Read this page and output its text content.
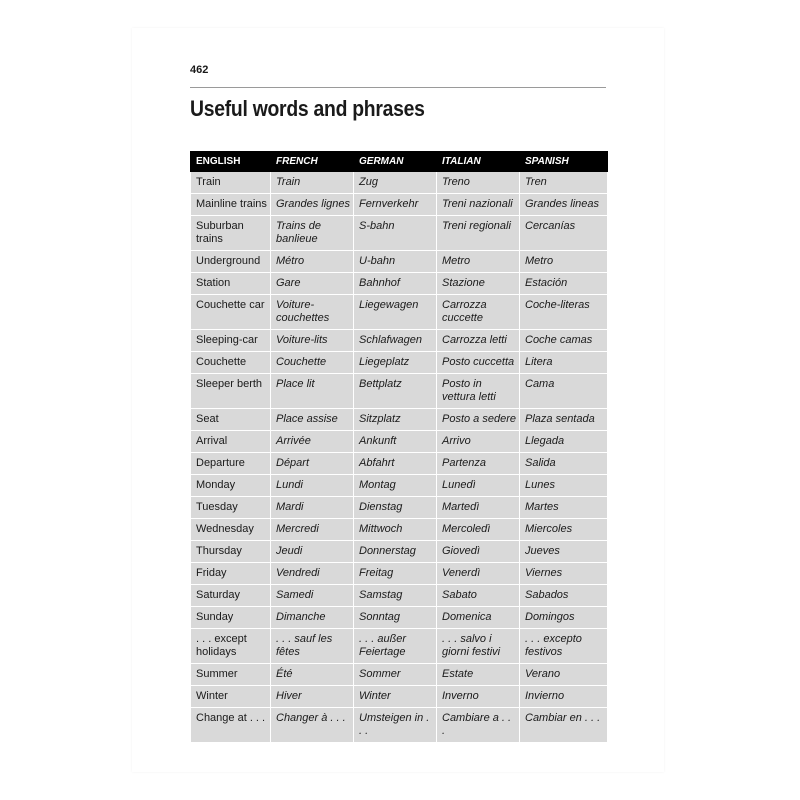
462
Useful words and phrases
ENGLISH	FRENCH	GERMAN	ITALIAN	SPANISH
Train	Train	Zug	Treno	Tren
Mainline trains	Grandes lignes	Fernverkehr	Treni nazionali	Grandes lineas
Suburban trains	Trains de banlieue	S-bahn	Treni regionali	Cercanías
Underground	Métro	U-bahn	Metro	Metro
Station	Gare	Bahnhof	Stazione	Estación
Couchette car	Voiture-couchettes	Liegewagen	Carrozza cuccette	Coche-literas
Sleeping-car	Voiture-lits	Schlafwagen	Carrozza letti	Coche camas
Couchette	Couchette	Liegeplatz	Posto cuccetta	Litera
Sleeper berth	Place lit	Bettplatz	Posto in vettura letti	Cama
Seat	Place assise	Sitzplatz	Posto a sedere	Plaza sentada
Arrival	Arrivée	Ankunft	Arrivo	Llegada
Departure	Départ	Abfahrt	Partenza	Salida
Monday	Lundi	Montag	Lunedì	Lunes
Tuesday	Mardi	Dienstag	Martedì	Martes
Wednesday	Mercredi	Mittwoch	Mercoledì	Miercoles
Thursday	Jeudi	Donnerstag	Giovedì	Jueves
Friday	Vendredi	Freitag	Venerdì	Viernes
Saturday	Samedi	Samstag	Sabato	Sabados
Sunday	Dimanche	Sonntag	Domenica	Domingos
. . . except holidays	. . . sauf les fêtes	. . . außer Feiertage	. . . salvo i giorni festivi	. . . excepto festivos
Summer	Été	Sommer	Estate	Verano
Winter	Hiver	Winter	Inverno	Invierno
Change at . . .	Changer à . . .	Umsteigen in . . .	Cambiare a . . .	Cambiar en . . .
